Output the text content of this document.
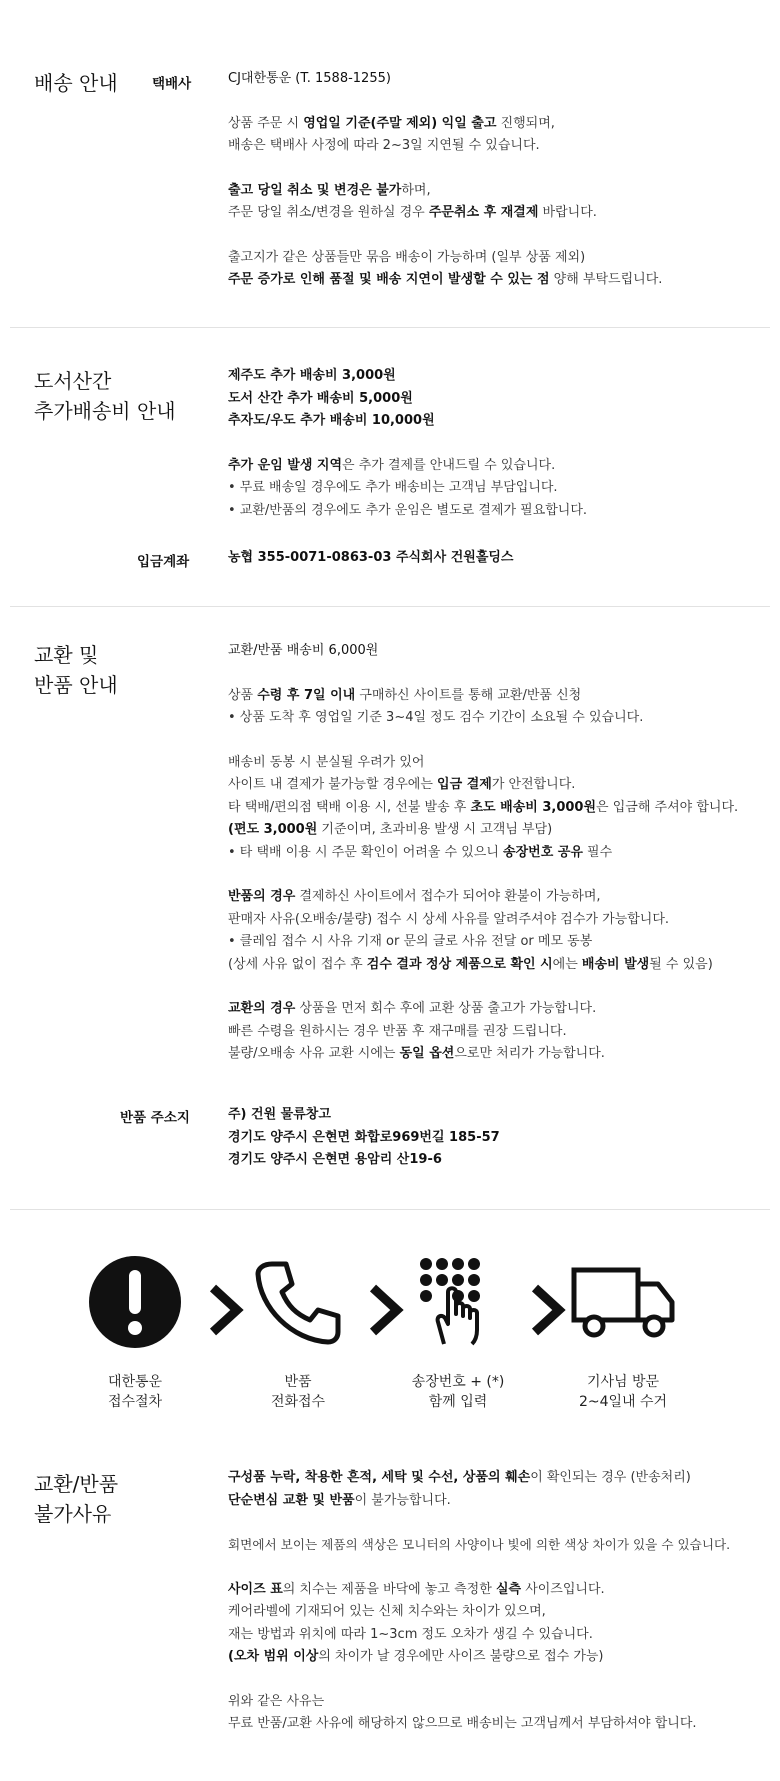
배송 안내	택배사	CJ대한통운 (T. 1588-1255)

상품 주문 시 영업일 기준(주말 제외) 익일 출고 진행되며,

배송은 택배사 사정에 따라 2~3일 지연될 수 있습니다.

출고 당일 취소 및 변경은 불가하며,

주문 당일 취소/변경을 원하실 경우 주문취소 후 재결제 바랍니다.

출고지가 같은 상품들만 묶음 배송이 가능하며 (일부 상품 제외)

주문 증가로 인해 품절 및 배송 지연이 발생할 수 있는 점 양해 부탁드립니다.

도서산간
추가배송비 안내

제주도 추가 배송비 3,000원

도서 산간 추가 배송비 5,000원

추자도/우도 추가 배송비 10,000원

추가 운임 발생 지역은 추가 결제를 안내드릴 수 있습니다.

• 무료 배송일 경우에도 추가 배송비는 고객님 부담입니다.

• 교환/반품의 경우에도 추가 운임은 별도로 결제가 필요합니다.

입금계좌	농협 355-0071-0863-03 주식회사 건원홀딩스

교환 및
반품 안내

교환/반품 배송비 6,000원

상품 수령 후 7일 이내 구매하신 사이트를 통해 교환/반품 신청

• 상품 도착 후 영업일 기준 3~4일 정도 검수 기간이 소요될 수 있습니다.

배송비 동봉 시 분실될 우려가 있어

사이트 내 결제가 불가능할 경우에는 입금 결제가 안전합니다.

타 택배/편의점 택배 이용 시, 선불 발송 후 초도 배송비 3,000원은 입금해 주셔야 합니다.

(편도 3,000원 기준이며, 초과비용 발생 시 고객님 부담)

• 타 택배 이용 시 주문 확인이 어려울 수 있으니 송장번호 공유 필수

반품의 경우 결제하신 사이트에서 접수가 되어야 환불이 가능하며,

판매자 사유(오배송/불량) 접수 시 상세 사유를 알려주셔야 검수가 가능합니다.

• 클레임 접수 시 사유 기재 or 문의 글로 사유 전달 or 메모 동봉

(상세 사유 없이 접수 후 검수 결과 정상 제품으로 확인 시에는 배송비 발생될 수 있음)

교환의 경우 상품을 먼저 회수 후에 교환 상품 출고가 가능합니다.

빠른 수령을 원하시는 경우 반품 후 재구매를 권장 드립니다.

불량/오배송 사유 교환 시에는 동일 옵션으로만 처리가 가능합니다.

반품 주소지	주) 건원 물류창고

경기도 양주시 은현면 화합로969번길 185-57

경기도 양주시 은현면 용암리 산19-6

대한통운
접수절차
반품
전화접수
송장번호 + (*)
함께 입력
기사님 방문
2~4일내 수거
교환/반품
불가사유

구성품 누락, 착용한 흔적, 세탁 및 수선, 상품의 훼손이 확인되는 경우 (반송처리)

단순변심 교환 및 반품이 불가능합니다.

회면에서 보이는 제품의 색상은 모니터의 사양이나 빛에 의한 색상 차이가 있을 수 있습니다.

사이즈 표의 치수는 제품을 바닥에 놓고 측정한 실측 사이즈입니다.

케어라벨에 기재되어 있는 신체 치수와는 차이가 있으며,

재는 방법과 위치에 따라 1~3cm 정도 오차가 생길 수 있습니다.

(오차 범위 이상의 차이가 날 경우에만 사이즈 불량으로 접수 가능)

위와 같은 사유는

무료 반품/교환 사유에 해당하지 않으므로 배송비는 고객님께서 부담하셔야 합니다.
